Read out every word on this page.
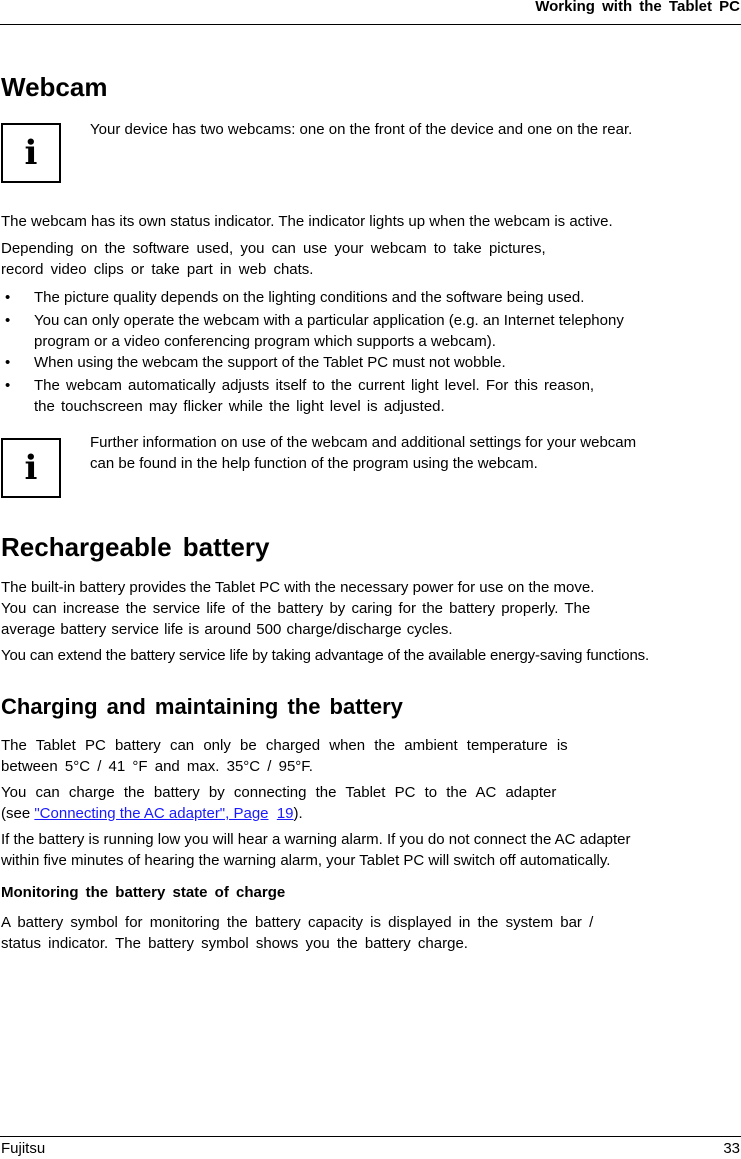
Working with the Tablet PC
Webcam
i
Your device has two webcams: one on the front of the device and one on the rear.
The webcam has its own status indicator. The indicator lights up when the webcam is active.
Depending on the software used, you can use your webcam to take pictures,
record video clips or take part in web chats.
• The picture quality depends on the lighting conditions and the software being used.
• You can only operate the webcam with a particular application (e.g. an Internet telephony
program or a video conferencing program which supports a webcam).
• When using the webcam the support of the Tablet PC must not wobble.
• The webcam automatically adjusts itself to the current light level. For this reason,
the touchscreen may flicker while the light level is adjusted.
i
Further information on use of the webcam and additional settings for your webcam
can be found in the help function of the program using the webcam.
Rechargeable battery
The built-in battery provides the Tablet PC with the necessary power for use on the move.
You can increase the service life of the battery by caring for the battery properly. The
average battery service life is around 500 charge/discharge cycles.
You can extend the battery service life by taking advantage of the available energy-saving functions.
Charging and maintaining the battery
The Tablet PC battery can only be charged when the ambient temperature is
between 5°C / 41 °F and max. 35°C / 95°F.
You can charge the battery by connecting the Tablet PC to the AC adapter
(see "Connecting the AC adapter", Page 19).
If the battery is running low you will hear a warning alarm. If you do not connect the AC adapter
within five minutes of hearing the warning alarm, your Tablet PC will switch off automatically.
Monitoring the battery state of charge
A battery symbol for monitoring the battery capacity is displayed in the system bar /
status indicator. The battery symbol shows you the battery charge.
Fujitsu	33
